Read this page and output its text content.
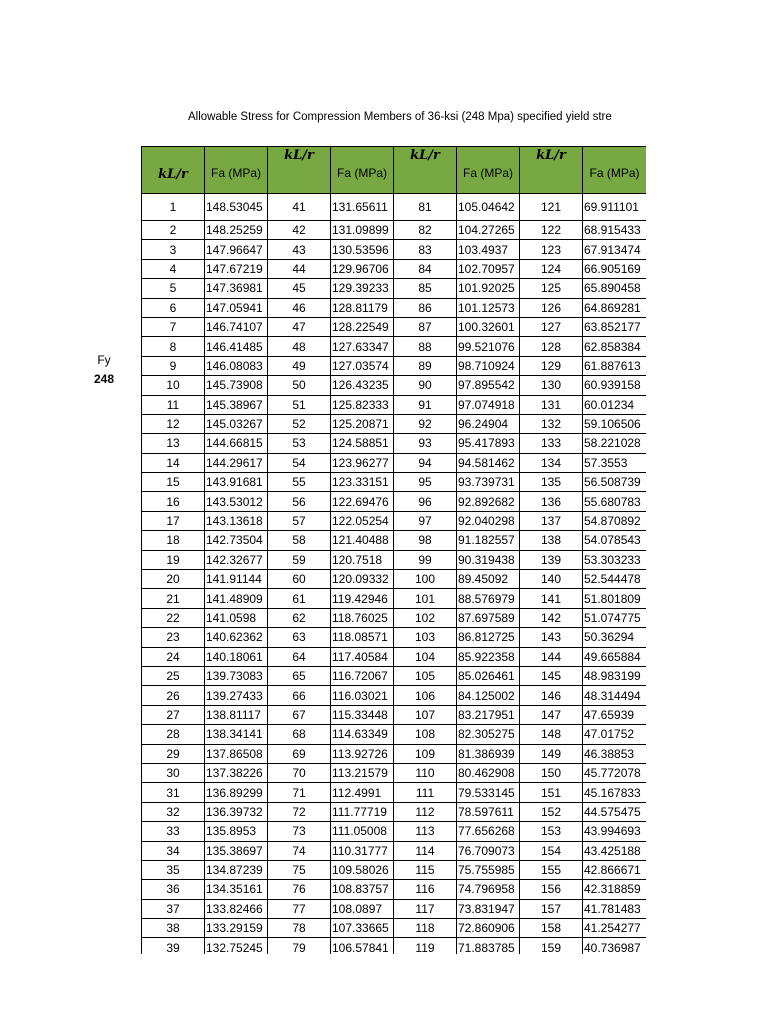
Allowable Stress for Compression Members of 36-ksi (248 Mpa) specified yield stre
Fy
248
kL/r	Fa (MPa)	kL/r	Fa (MPa)	kL/r	Fa (MPa)	kL/r	Fa (MPa)
1	148.53045	41	131.65611	81	105.04642	121	69.911101
2	148.25259	42	131.09899	82	104.27265	122	68.915433
3	147.96647	43	130.53596	83	103.4937	123	67.913474
4	147.67219	44	129.96706	84	102.70957	124	66.905169
5	147.36981	45	129.39233	85	101.92025	125	65.890458
6	147.05941	46	128.81179	86	101.12573	126	64.869281
7	146.74107	47	128.22549	87	100.32601	127	63.852177
8	146.41485	48	127.63347	88	99.521076	128	62.858384
9	146.08083	49	127.03574	89	98.710924	129	61.887613
10	145.73908	50	126.43235	90	97.895542	130	60.939158
11	145.38967	51	125.82333	91	97.074918	131	60.01234
12	145.03267	52	125.20871	92	96.24904	132	59.106506
13	144.66815	53	124.58851	93	95.417893	133	58.221028
14	144.29617	54	123.96277	94	94.581462	134	57.3553
15	143.91681	55	123.33151	95	93.739731	135	56.508739
16	143.53012	56	122.69476	96	92.892682	136	55.680783
17	143.13618	57	122.05254	97	92.040298	137	54.870892
18	142.73504	58	121.40488	98	91.182557	138	54.078543
19	142.32677	59	120.7518	99	90.319438	139	53.303233
20	141.91144	60	120.09332	100	89.45092	140	52.544478
21	141.48909	61	119.42946	101	88.576979	141	51.801809
22	141.0598	62	118.76025	102	87.697589	142	51.074775
23	140.62362	63	118.08571	103	86.812725	143	50.36294
24	140.18061	64	117.40584	104	85.922358	144	49.665884
25	139.73083	65	116.72067	105	85.026461	145	48.983199
26	139.27433	66	116.03021	106	84.125002	146	48.314494
27	138.81117	67	115.33448	107	83.217951	147	47.65939
28	138.34141	68	114.63349	108	82.305275	148	47.01752
29	137.86508	69	113.92726	109	81.386939	149	46.38853
30	137.38226	70	113.21579	110	80.462908	150	45.772078
31	136.89299	71	112.4991	111	79.533145	151	45.167833
32	136.39732	72	111.77719	112	78.597611	152	44.575475
33	135.8953	73	111.05008	113	77.656268	153	43.994693
34	135.38697	74	110.31777	114	76.709073	154	43.425188
35	134.87239	75	109.58026	115	75.755985	155	42.866671
36	134.35161	76	108.83757	116	74.796958	156	42.318859
37	133.82466	77	108.0897	117	73.831947	157	41.781483
38	133.29159	78	107.33665	118	72.860906	158	41.254277
39	132.75245	79	106.57841	119	71.883785	159	40.736987
